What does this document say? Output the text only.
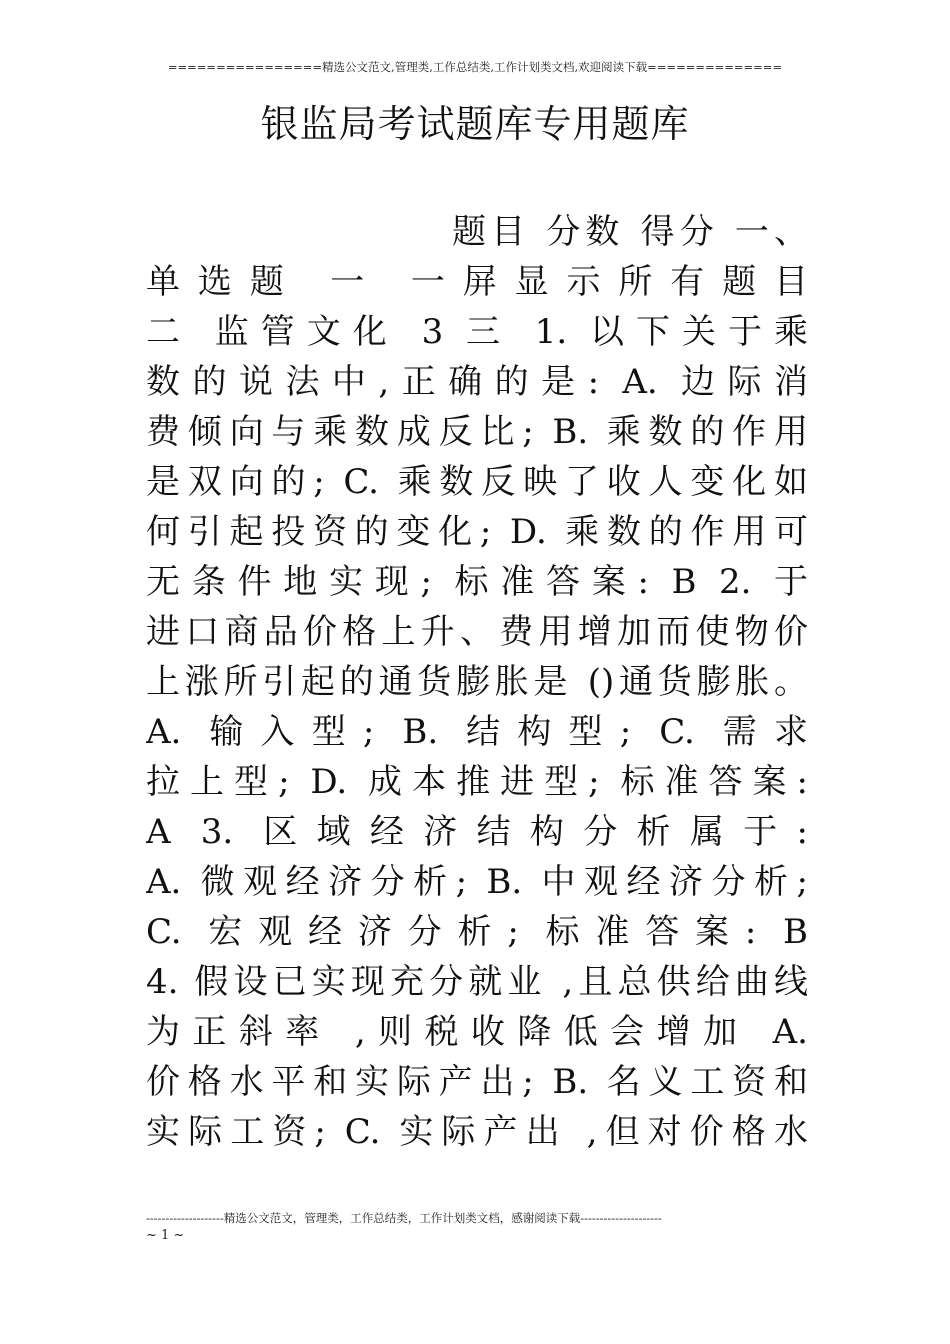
================精选公文范文,管理类,工作总结类,工作计划类文档,欢迎阅读下载==============
银监局考试题库专用题库
题目 分数 得分 一、
单选题 一 一屏显示所有题目
二 监管文化 3 三 1. 以下关于乘
数的说法中,正确的是: A. 边际消
费倾向与乘数成反比; B. 乘数的作用
是双向的; C. 乘数反映了收人变化如
何引起投资的变化; D. 乘数的作用可
无条件地实现; 标准答案: B 2. 于
进口商品价格上升、费用增加而使物价
上涨所引起的通货膨胀是 ()通货膨胀。
A. 输入型; B. 结构型; C. 需求
拉上型; D. 成本推进型; 标准答案:
A 3. 区域经济结构分析属于:
A. 微观经济分析; B. 中观经济分析;
C. 宏观经济分析; 标准答案: B
4. 假设已实现充分就业 ,且总供给曲线
为正斜率 ,则税收降低会增加 A.
价格水平和实际产出; B. 名义工资和
实际工资; C. 实际产出 ,但对价格水
--------------------精选公文范文，管理类，工作总结类，工作计划类文档，感谢阅读下载---------------------
~ 1 ~
